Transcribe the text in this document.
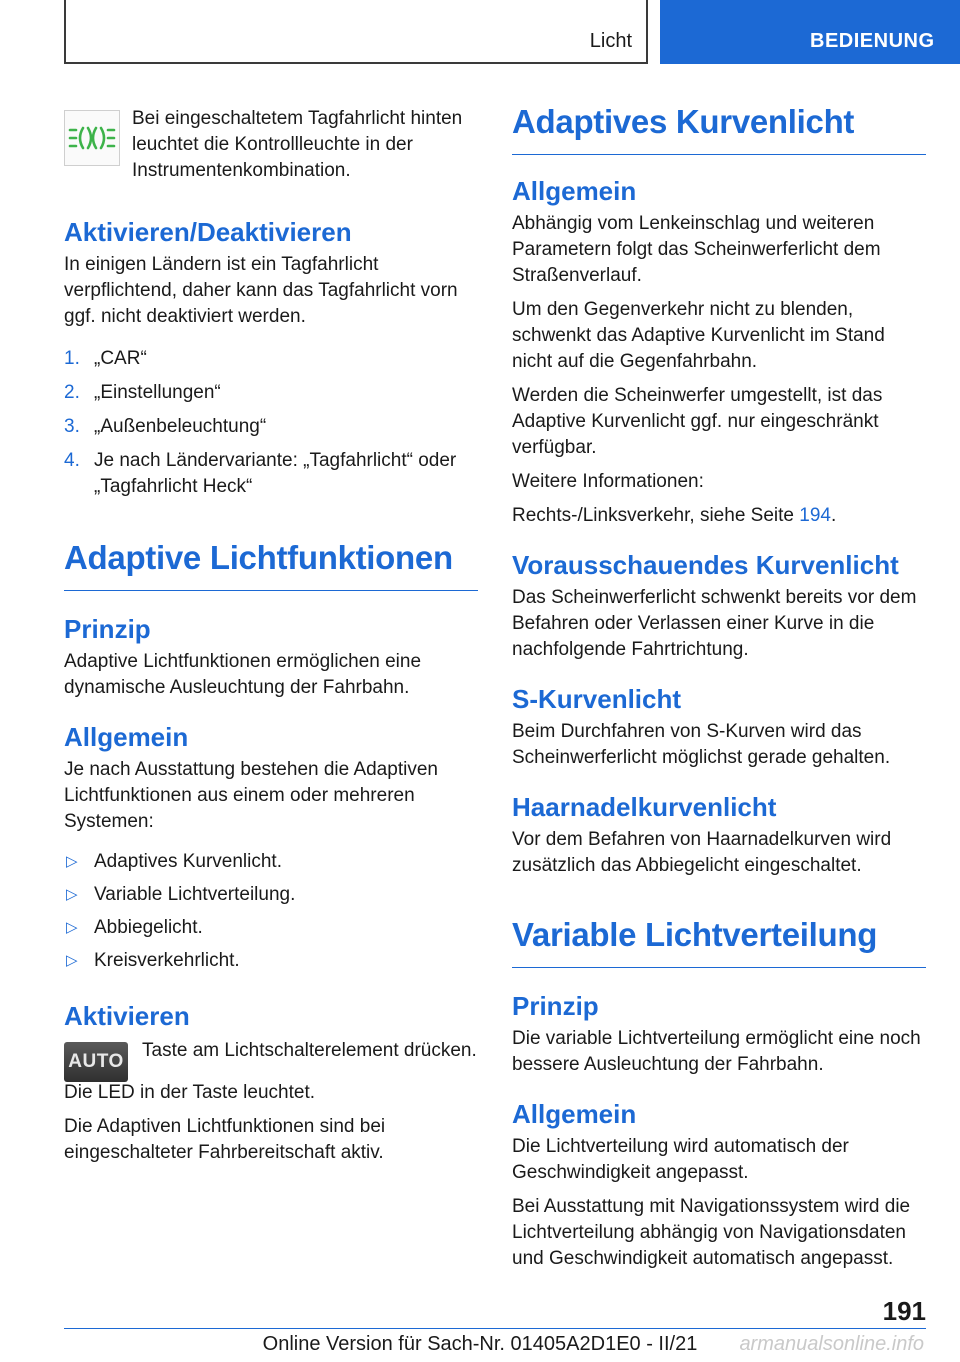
Licht	BEDIENUNG

Bei eingeschaltetem Tagfahrlicht hinten leuchtet die Kontrollleuchte in der Instrumentenkombination.

Aktivieren/Deaktivieren

In einigen Ländern ist ein Tagfahrlicht verpflichtend, daher kann das Tagfahrlicht vorn ggf. nicht deaktiviert werden.

1. „CAR“
2. „Einstellungen“
3. „Außenbeleuchtung“
4. Je nach Ländervariante: „Tagfahrlicht“ oder „Tagfahrlicht Heck“
Adaptive Lichtfunktionen
Prinzip

Adaptive Lichtfunktionen ermöglichen eine dynamische Ausleuchtung der Fahrbahn.

Allgemein

Je nach Ausstattung bestehen die Adaptiven Lichtfunktionen aus einem oder mehreren Systemen:

▷ Adaptives Kurvenlicht.
▷ Variable Lichtverteilung.
▷ Abbiegelicht.
▷ Kreisverkehrlicht.
Aktivieren
AUTO

Taste am Lichtschalterelement drücken.

Die LED in der Taste leuchtet.

Die Adaptiven Lichtfunktionen sind bei eingeschalteter Fahrbereitschaft aktiv.

Adaptives Kurvenlicht
Allgemein

Abhängig vom Lenkeinschlag und weiteren Parametern folgt das Scheinwerferlicht dem Straßenverlauf.

Um den Gegenverkehr nicht zu blenden, schwenkt das Adaptive Kurvenlicht im Stand nicht auf die Gegenfahrbahn.

Werden die Scheinwerfer umgestellt, ist das Adaptive Kurvenlicht ggf. nur eingeschränkt verfügbar.

Weitere Informationen:

Rechts-/Linksverkehr, siehe Seite 194.

Vorausschauendes Kurvenlicht

Das Scheinwerferlicht schwenkt bereits vor dem Befahren oder Verlassen einer Kurve in die nachfolgende Fahrtrichtung.

S-Kurvenlicht

Beim Durchfahren von S-Kurven wird das Scheinwerferlicht möglichst gerade gehalten.

Haarnadelkurvenlicht

Vor dem Befahren von Haarnadelkurven wird zusätzlich das Abbiegelicht eingeschaltet.

Variable Lichtverteilung
Prinzip

Die variable Lichtverteilung ermöglicht eine noch bessere Ausleuchtung der Fahrbahn.

Allgemein

Die Lichtverteilung wird automatisch der Geschwindigkeit angepasst.

Bei Ausstattung mit Navigationssystem wird die Lichtverteilung abhängig von Navigationsdaten und Geschwindigkeit automatisch angepasst.

191
Online Version für Sach-Nr. 01405A2D1E0 - II/21	armanualsonline.info
